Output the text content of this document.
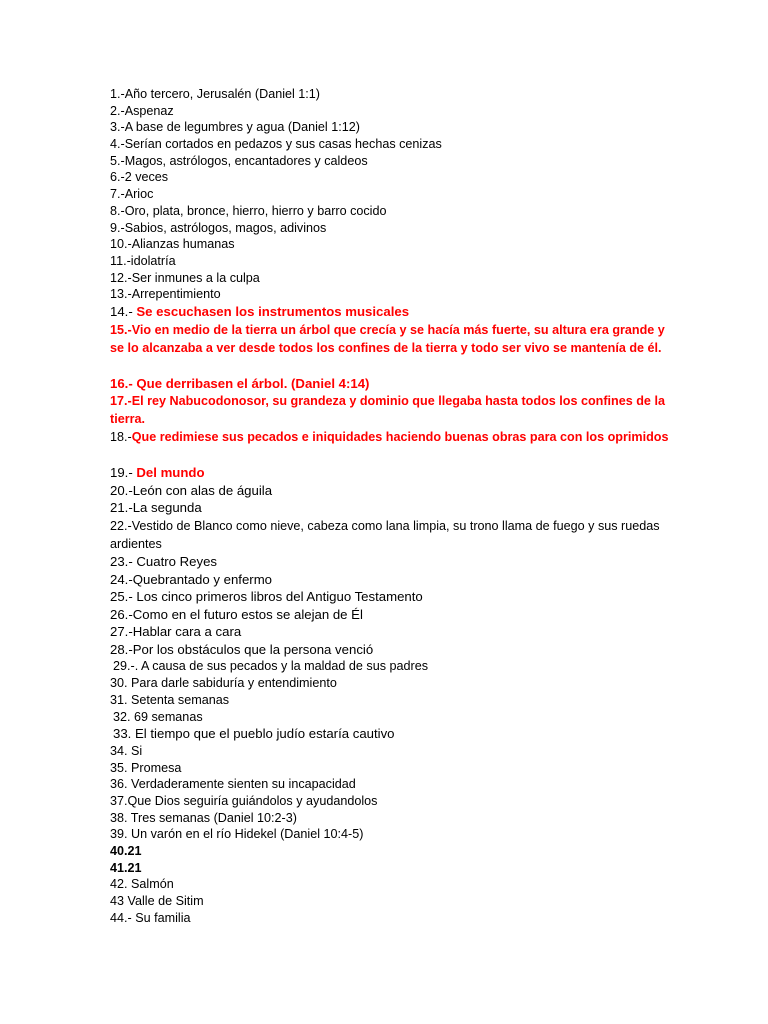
1.-Año tercero, Jerusalén (Daniel 1:1)
2.-Aspenaz
3.-A base de legumbres y agua (Daniel 1:12)
4.-Serían cortados en pedazos y sus casas hechas cenizas
5.-Magos, astrólogos, encantadores y caldeos
6.-2 veces
7.-Arioc
8.-Oro, plata, bronce, hierro, hierro y barro cocido
9.-Sabios, astrólogos, magos, adivinos
10.-Alianzas humanas
11.-idolatría
12.-Ser inmunes a la culpa
13.-Arrepentimiento
14.- Se escuchasen los instrumentos musicales
15.-Vio en medio de la tierra un árbol que crecía y se hacía más fuerte, su altura era grande y se lo alcanzaba a ver desde todos los confines de la tierra y todo ser vivo se mantenía de él.
16.- Que derribasen el árbol. (Daniel 4:14)
17.-El rey Nabucodonosor, su grandeza y dominio que llegaba hasta todos los confines de la tierra.
18.-Que redimiese sus pecados e iniquidades haciendo buenas obras para con los oprimidos
19.- Del mundo
20.-León con alas de águila
21.-La segunda
22.-Vestido de Blanco como nieve, cabeza como lana limpia, su trono llama de fuego y sus ruedas ardientes
23.- Cuatro Reyes
24.-Quebrantado y enfermo
25.- Los cinco primeros libros del Antiguo Testamento
26.-Como en el futuro estos se alejan de Él
27.-Hablar cara a cara
28.-Por los obstáculos que la persona venció
29.-. A causa de sus pecados y la maldad de sus padres
30. Para darle sabiduría y entendimiento
31. Setenta semanas
32. 69 semanas
33. El tiempo que el pueblo judío estaría cautivo
34. Si
35. Promesa
36. Verdaderamente sienten su incapacidad
37.Que Dios seguiría guiándolos y ayudandolos
38. Tres semanas (Daniel 10:2-3)
39. Un varón en el río Hidekel (Daniel 10:4-5)
40.21
41.21
42. Salmón
43 Valle de Sitim
44.- Su familia
